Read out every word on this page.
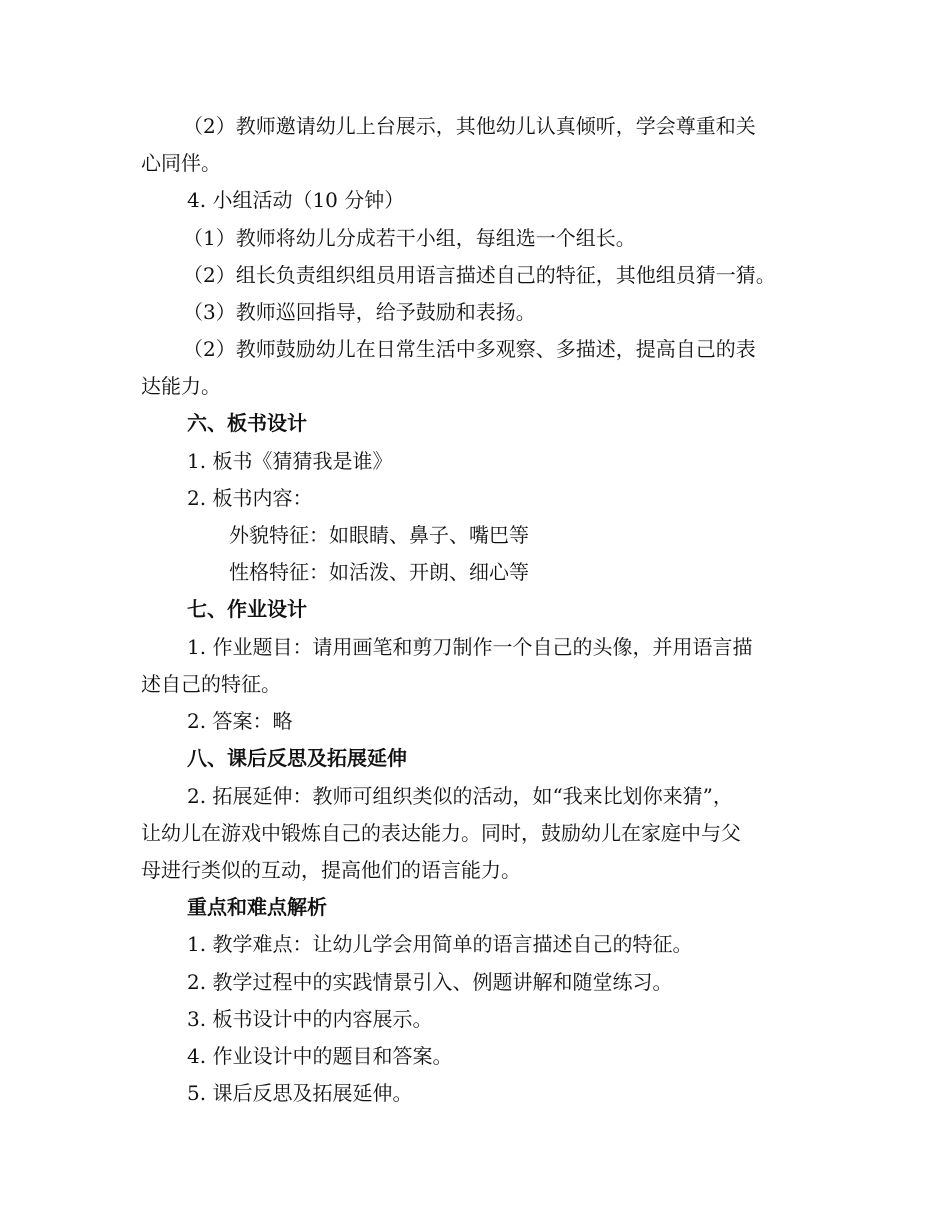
（2）教师邀请幼儿上台展示，其他幼儿认真倾听，学会尊重和关
心同伴。
4. 小组活动（10 分钟）
（1）教师将幼儿分成若干小组，每组选一个组长。
（2）组长负责组织组员用语言描述自己的特征，其他组员猜一猜。
（3）教师巡回指导，给予鼓励和表扬。
（2）教师鼓励幼儿在日常生活中多观察、多描述，提高自己的表
达能力。
六、板书设计
1. 板书《猜猜我是谁》
2. 板书内容：
外貌特征：如眼睛、鼻子、嘴巴等
性格特征：如活泼、开朗、细心等
七、作业设计
1. 作业题目：请用画笔和剪刀制作一个自己的头像，并用语言描
述自己的特征。
2. 答案：略
八、课后反思及拓展延伸
2. 拓展延伸：教师可组织类似的活动，如“我来比划你来猜”，
让幼儿在游戏中锻炼自己的表达能力。同时，鼓励幼儿在家庭中与父
母进行类似的互动，提高他们的语言能力。
重点和难点解析
1. 教学难点：让幼儿学会用简单的语言描述自己的特征。
2. 教学过程中的实践情景引入、例题讲解和随堂练习。
3. 板书设计中的内容展示。
4. 作业设计中的题目和答案。
5. 课后反思及拓展延伸。
